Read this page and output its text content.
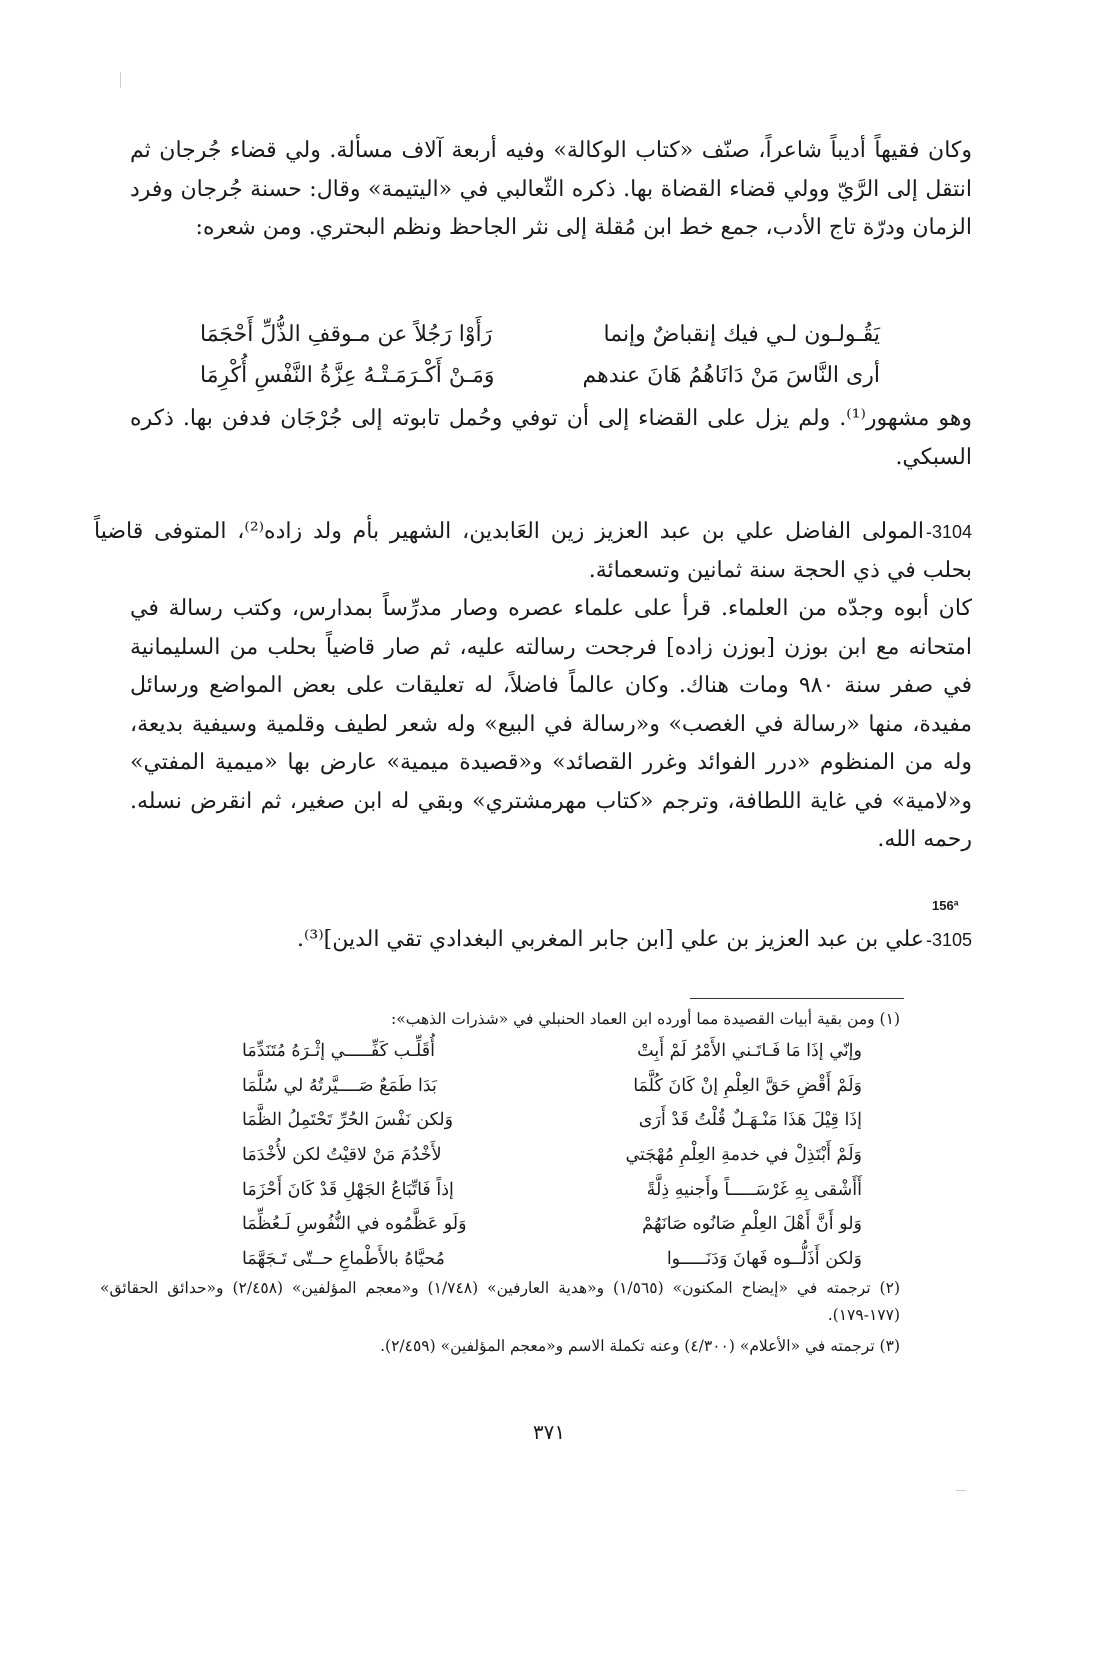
وكان فقيهاً أديباً شاعراً، صنّف «كتاب الوكالة» وفيه أربعة آلاف مسألة. ولي قضاء جُرجان ثم انتقل إلى الرَّيّ وولي قضاء القضاة بها. ذكره الثّعالبي في «اليتيمة» وقال: حسنة جُرجان وفرد الزمان ودرّة تاج الأدب، جمع خط ابن مُقلة إلى نثر الجاحظ ونظم البحتري. ومن شعره:
يَقُـولـون لـي فيك إنقباضٌ وإنما
رَأَوْا رَجُلاً عن مـوقفِ الذُّلِّ أَحْجَمَا
أرى النَّاسَ مَنْ دَانَاهُمُ هَانَ عندهم
وَمَـنْ أَكْـرَمَـتْـهُ عِزَّةُ النَّفْسِ أُكْرِمَا
وهو مشهور⁽¹⁾. ولم يزل على القضاء إلى أن توفي وحُمل تابوته إلى جُرْجَان فدفن بها. ذكره السبكي.
3104-المولى الفاضل علي بن عبد العزيز زين العَابدين، الشهير بأم ولد زاده⁽²⁾، المتوفى قاضياً بحلب في ذي الحجة سنة ثمانين وتسعمائة.
كان أبوه وجدّه من العلماء. قرأ على علماء عصره وصار مدرِّساً بمدارس، وكتب رسالة في امتحانه مع ابن بوزن [بوزن زاده] فرجحت رسالته عليه، ثم صار قاضياً بحلب من السليمانية في صفر سنة ٩٨٠ ومات هناك. وكان عالماً فاضلاً، له تعليقات على بعض المواضع ورسائل مفيدة، منها «رسالة في الغصب» و«رسالة في البيع» وله شعر لطيف وقلمية وسيفية بديعة، وله من المنظوم «درر الفوائد وغرر القصائد» و«قصيدة ميمية» عارض بها «ميمية المفتي» و«لامية» في غاية اللطافة، وترجم «كتاب مهرمشتري» وبقي له ابن صغير، ثم انقرض نسله. رحمه الله.
156ª
3105-علي بن عبد العزيز بن علي [ابن جابر المغربي البغدادي تقي الدين]⁽³⁾.
(١) ومن بقية أبيات القصيدة مما أورده ابن العماد الحنبلي في «شذرات الذهب»:
وإنّي إذَا مَا فَـاتَـني الأَمْرُ لَمْ أَبِتْ
أُقَلِّـب كَفِّـــــي إثْـرَهُ مُتَنَدِّمَا
وَلَمْ أَقْضِ حَقَّ العِلْمِ إنْ كَانَ كُلَّمَا
بَدَا طَمَعٌ صَــــيَّرتُهُ لي سُلَّمَا
إذَا قِيْلَ هَذَا مَنْـهَـلٌ قُلْتُ قَدْ أَرَى
وَلكن نَفْسَ الحُرِّ تَحْتَمِلُ الظَّمَا
وَلَمْ أَبْتَذِلْ في خدمةِ العِلْمِ مُهْجَتي
لأَخْدُمَ مَنْ لاقيْتُ لكن لأُخْدَمَا
أَأَشْقى بِهِ غَرْسَـــــاً وأَجنيهِ ذِلَّةً
إذاً فَاتِّبَاعُ الجَهْلِ قَدْ كَانَ أَحْزَمَا
وَلو أَنَّ أَهْلَ العِلْمِ صَانُوه صَانَهُمْ
وَلَو عَظَّمُوه في النُّفُوسِ لَـعُظِّمَا
وَلكن أَذَلُّــوه فَهانَ وَدَنَـــــوا
مُحيَّاهُ بالأَطْماعِ حــتّى تَـجَهَّمَا
(٢) ترجمته في «إيضاح المكنون» (١/٥٦٥) و«هدية العارفين» (١/٧٤٨) و«معجم المؤلفين» (٢/٤٥٨) و«حدائق الحقائق» (١٧٧-١٧٩).
(٣) ترجمته في «الأعلام» (٤/٣٠٠) وعنه تكملة الاسم و«معجم المؤلفين» (٢/٤٥٩).
٣٧١
